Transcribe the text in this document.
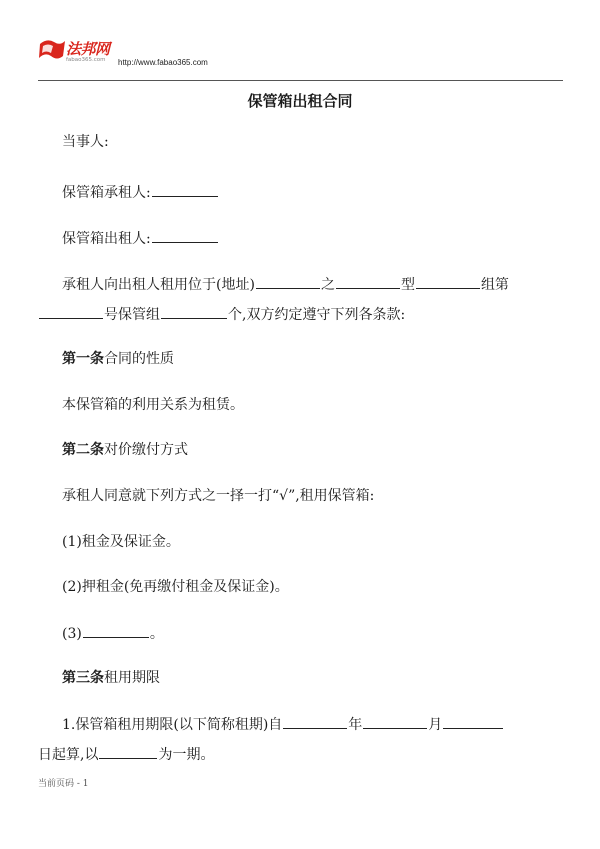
法邦网
fabao365.com http://www.fabao365.com
保管箱出租合同
当事人:
保管箱承租人:
保管箱出租人:
承租人向出租人租用位于(地址)	之	型	组第
号保管组	个,双方约定遵守下列各条款:
第一条合同的性质
本保管箱的利用关系为租赁。
第二条对价缴付方式
承租人同意就下列方式之一择一打“√”,租用保管箱:
(1)租金及保证金。
(2)押租金(免再缴付租金及保证金)。
(3)	。
第三条租用期限
1.保管箱租用期限(以下简称租期)自	年	月
日起算,以	为一期。
当前页码 - 1
